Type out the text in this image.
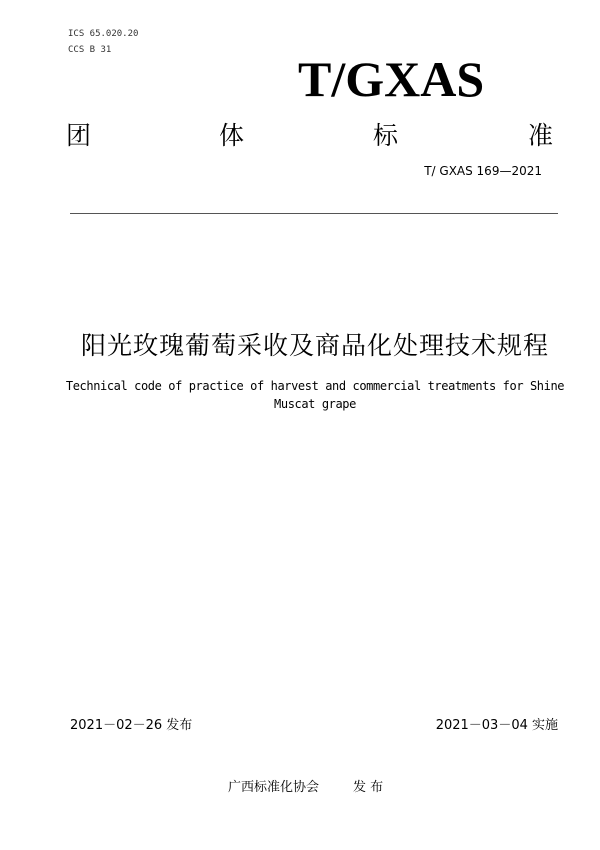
ICS 65.020.20
CCS B 31
T/GXAS
团	体	标	准
T/ GXAS 169—2021
阳光玫瑰葡萄采收及商品化处理技术规程
Technical code of practice of harvest and commercial treatments for Shine
Muscat grape
2021－02－26 发布	2021－03－04 实施
广西标准化协会	发 布
